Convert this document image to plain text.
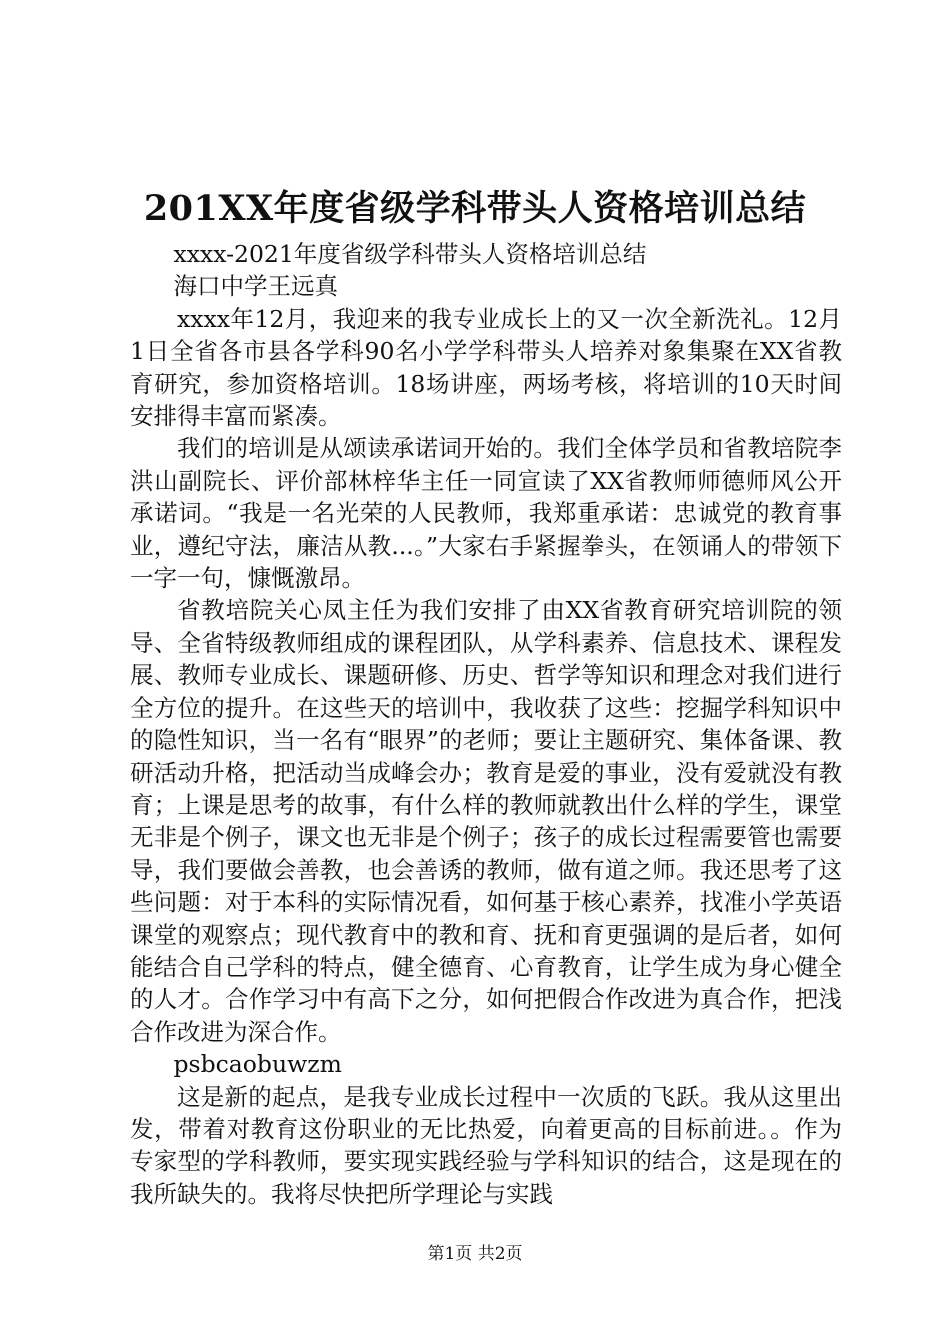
201XX年度省级学科带头人资格培训总结

xxxx-2021年度省级学科带头人资格培训总结

海口中学王远真

xxxx年12月，我迎来的我专业成长上的又一次全新洗礼。12月1日全省各市县各学科90名小学学科带头人培养对象集聚在XX省教育研究，参加资格培训。18场讲座，两场考核，将培训的10天时间安排得丰富而紧凑。

我们的培训是从颂读承诺词开始的。我们全体学员和省教培院李洪山副院长、评价部林梓华主任一同宣读了XX省教师师德师风公开承诺词。“我是一名光荣的人民教师，我郑重承诺：忠诚党的教育事业，遵纪守法，廉洁从教...。”大家右手紧握拳头，在领诵人的带领下一字一句，慷慨激昂。

省教培院关心凤主任为我们安排了由XX省教育研究培训院的领导、全省特级教师组成的课程团队，从学科素养、信息技术、课程发展、教师专业成长、课题研修、历史、哲学等知识和理念对我们进行全方位的提升。在这些天的培训中，我收获了这些：挖掘学科知识中的隐性知识，当一名有“眼界”的老师；要让主题研究、集体备课、教研活动升格，把活动当成峰会办；教育是爱的事业，没有爱就没有教育；上课是思考的故事，有什么样的教师就教出什么样的学生，课堂无非是个例子，课文也无非是个例子；孩子的成长过程需要管也需要导，我们要做会善教，也会善诱的教师，做有道之师。我还思考了这些问题：对于本科的实际情况看，如何基于核心素养，找准小学英语课堂的观察点；现代教育中的教和育、抚和育更强调的是后者，如何能结合自己学科的特点，健全德育、心育教育，让学生成为身心健全的人才。合作学习中有高下之分，如何把假合作改进为真合作，把浅合作改进为深合作。

psbcaobuwzm

这是新的起点，是我专业成长过程中一次质的飞跃。我从这里出发，带着对教育这份职业的无比热爱，向着更高的目标前进。。作为专家型的学科教师，要实现实践经验与学科知识的结合，这是现在的我所缺失的。我将尽快把所学理论与实践

第1页 共2页
